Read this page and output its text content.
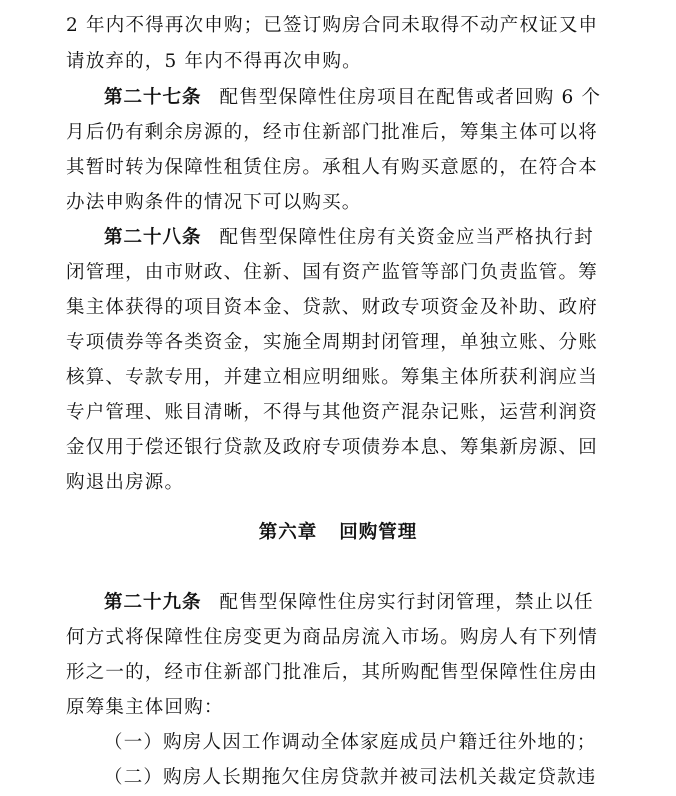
2 年内不得再次申购；已签订购房合同未取得不动产权证又申
请放弃的，5 年内不得再次申购。
第二十七条 配售型保障性住房项目在配售或者回购 6 个
月后仍有剩余房源的，经市住新部门批准后，筹集主体可以将
其暂时转为保障性租赁住房。承租人有购买意愿的，在符合本
办法申购条件的情况下可以购买。
第二十八条 配售型保障性住房有关资金应当严格执行封
闭管理，由市财政、住新、国有资产监管等部门负责监管。筹
集主体获得的项目资本金、贷款、财政专项资金及补助、政府
专项债券等各类资金，实施全周期封闭管理，单独立账、分账
核算、专款专用，并建立相应明细账。筹集主体所获利润应当
专户管理、账目清晰，不得与其他资产混杂记账，运营利润资
金仅用于偿还银行贷款及政府专项债券本息、筹集新房源、回
购退出房源。
第六章 回购管理
第二十九条 配售型保障性住房实行封闭管理，禁止以任
何方式将保障性住房变更为商品房流入市场。购房人有下列情
形之一的，经市住新部门批准后，其所购配售型保障性住房由
原筹集主体回购：
（一）购房人因工作调动全体家庭成员户籍迁往外地的；
（二）购房人长期拖欠住房贷款并被司法机关裁定贷款违
